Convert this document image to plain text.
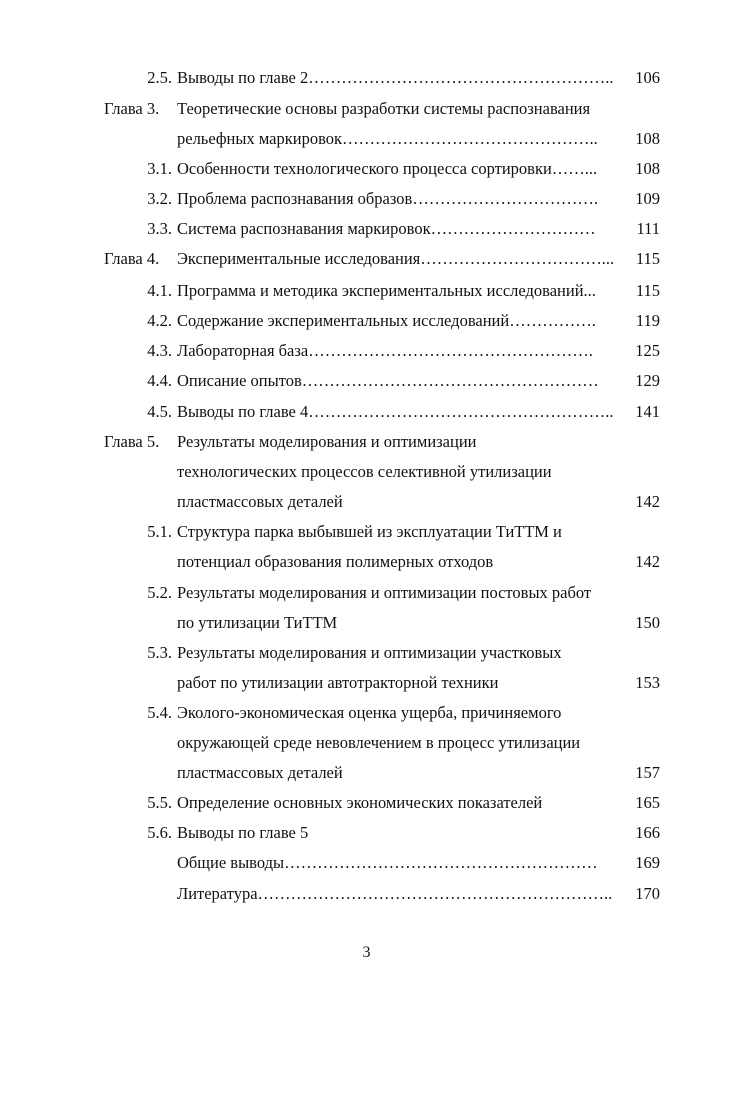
2.5. Выводы по главе 2………………………………………………..	106
Глава 3.	Теоретические основы разработки системы распознавания
рельефных маркировок………………………………………..	108
3.1. Особенности технологического процесса сортировки……...	108
3.2. Проблема распознавания образов…………………………….	109
3.3. Система распознавания маркировок…………………………	111
Глава 4.	Экспериментальные исследования……………………………...	115
4.1. Программа и методика экспериментальных исследований...	115
4.2. Содержание экспериментальных исследований…………….	119
4.3. Лабораторная база…………………………………………….	125
4.4. Описание опытов………………………………………………	129
4.5. Выводы по главе 4………………………………………………..	141
Глава 5.	Результаты моделирования и оптимизации
технологических процессов селективной утилизации
пластмассовых деталей	142
5.1. Структура парка выбывшей из эксплуатации ТиТТМ и
потенциал образования полимерных отходов	142
5.2. Результаты моделирования и оптимизации постовых работ
по утилизации ТиТТМ	150
5.3. Результаты моделирования и оптимизации участковых
работ по утилизации автотракторной техники	153
5.4. Эколого-экономическая оценка ущерба, причиняемого
окружающей среде невовлечением в процесс утилизации
пластмассовых деталей	157
5.5. Определение основных экономических показателей	165
5.6. Выводы по главе 5	166
Общие выводы…………………………………………………	169
Литература………………………………………………………..	170
3
